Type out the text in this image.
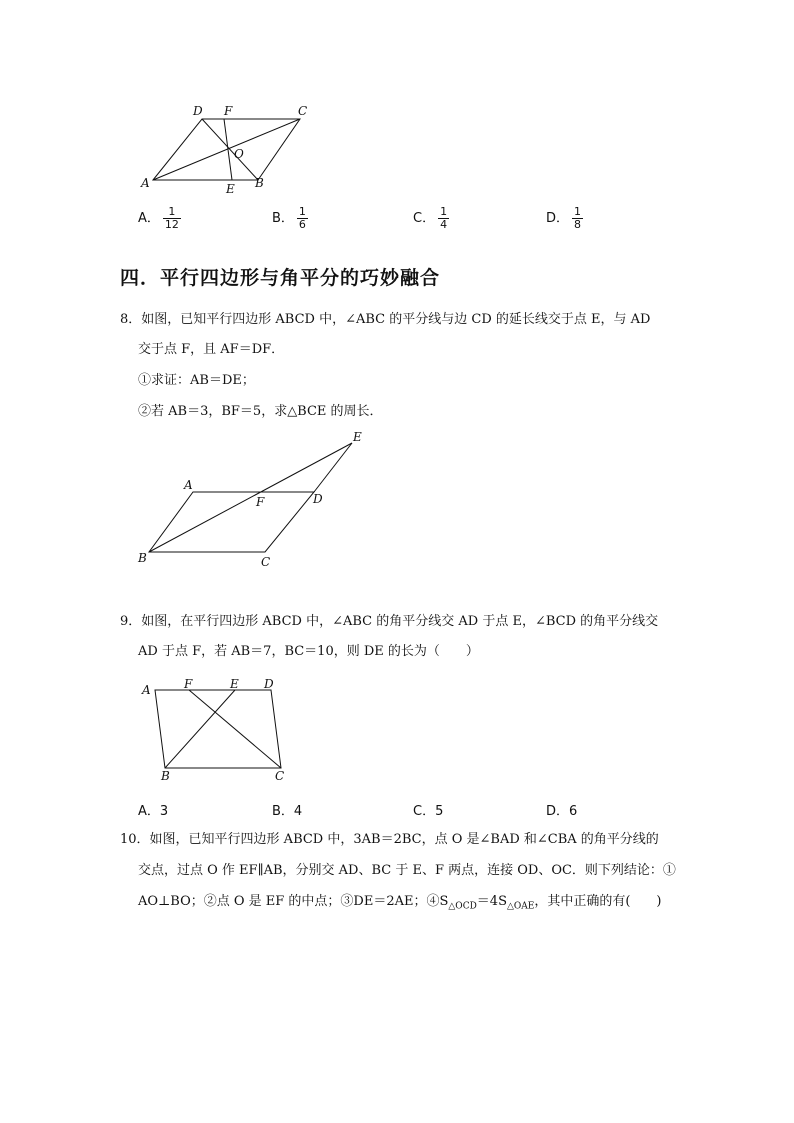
D F	C
O
A	E B
A． $\frac{1}{12}$	B． $\frac{1}{6}$	C． $\frac{1}{4}$	D． $\frac{1}{8}$
四．平行四边形与角平分的巧妙融合
8．如图，已知平行四边形 ABCD 中，∠ABC 的平分线与边 CD 的延长线交于点 E，与 AD
交于点 F，且 AF＝DF．
①求证：AB＝DE；
②若 AB＝3，BF＝5，求△BCE 的周长．
E
A
F	D
B	C
9．如图，在平行四边形 ABCD 中，∠ABC 的角平分线交 AD 于点 E，∠BCD 的角平分线交
AD 于点 F，若 AB＝7，BC＝10，则 DE 的长为（　　）
A	F	E D
B	C
A．3	B．4	C．5	D．6
10．如图，已知平行四边形 ABCD 中，3AB＝2BC，点 O 是∠BAD 和∠CBA 的角平分线的
交点，过点 O 作 EF∥AB，分别交 AD、BC 于 E、F 两点，连接 OD、OC．则下列结论：①
AO⊥BO；②点 O 是 EF 的中点；③DE＝2AE；$④S_{\triangle OCD}=4S_{\triangle OAE}$，其中正确的有(　　)
